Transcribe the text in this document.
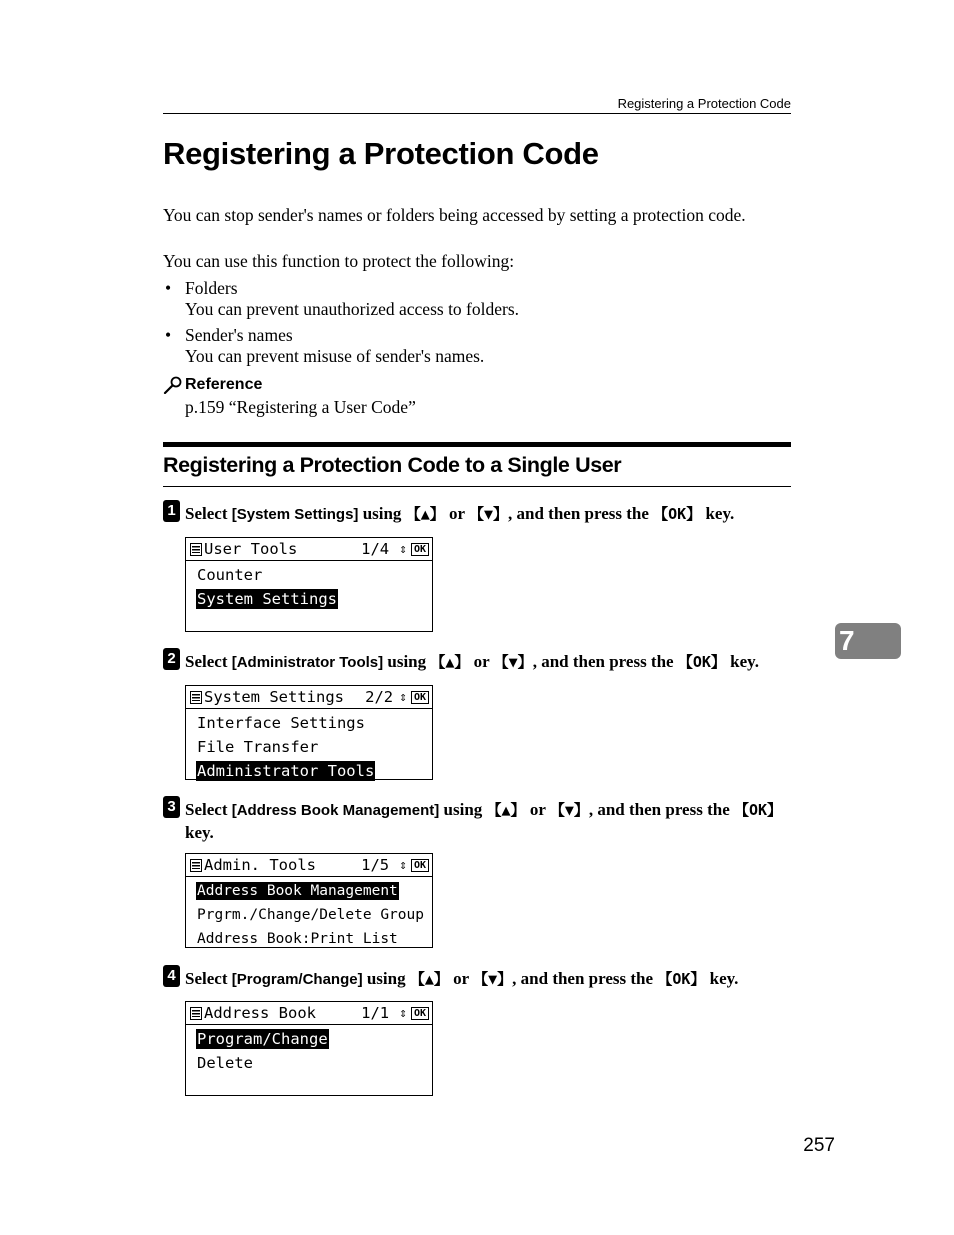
Registering a Protection Code
Registering a Protection Code
You can stop sender's names or folders being accessed by setting a protection code.
You can use this function to protect the following:
• Folders
You can prevent unauthorized access to folders.
• Sender's names
You can prevent misuse of sender's names.
Reference
p.159 “Registering a User Code”
Registering a Protection Code to a Single User
1 Select [System Settings] using 【▲】 or 【▼】, and then press the 【OK】 key.
User Tools	1/4 ⇕ OK
Counter
System Settings
2 Select [Administrator Tools] using 【▲】 or 【▼】, and then press the 【OK】 key.
System Settings	2/2 ⇕ OK
Interface Settings
File Transfer
Administrator Tools
3 Select [Address Book Management] using 【▲】 or 【▼】, and then press the 【OK】 key.
Admin. Tools	1/5 ⇕ OK
Address Book Management
Prgrm./Change/Delete Group
Address Book:Print List
4 Select [Program/Change] using 【▲】 or 【▼】, and then press the 【OK】 key.
Address Book	1/1 ⇕ OK
Program/Change
Delete
7
257
